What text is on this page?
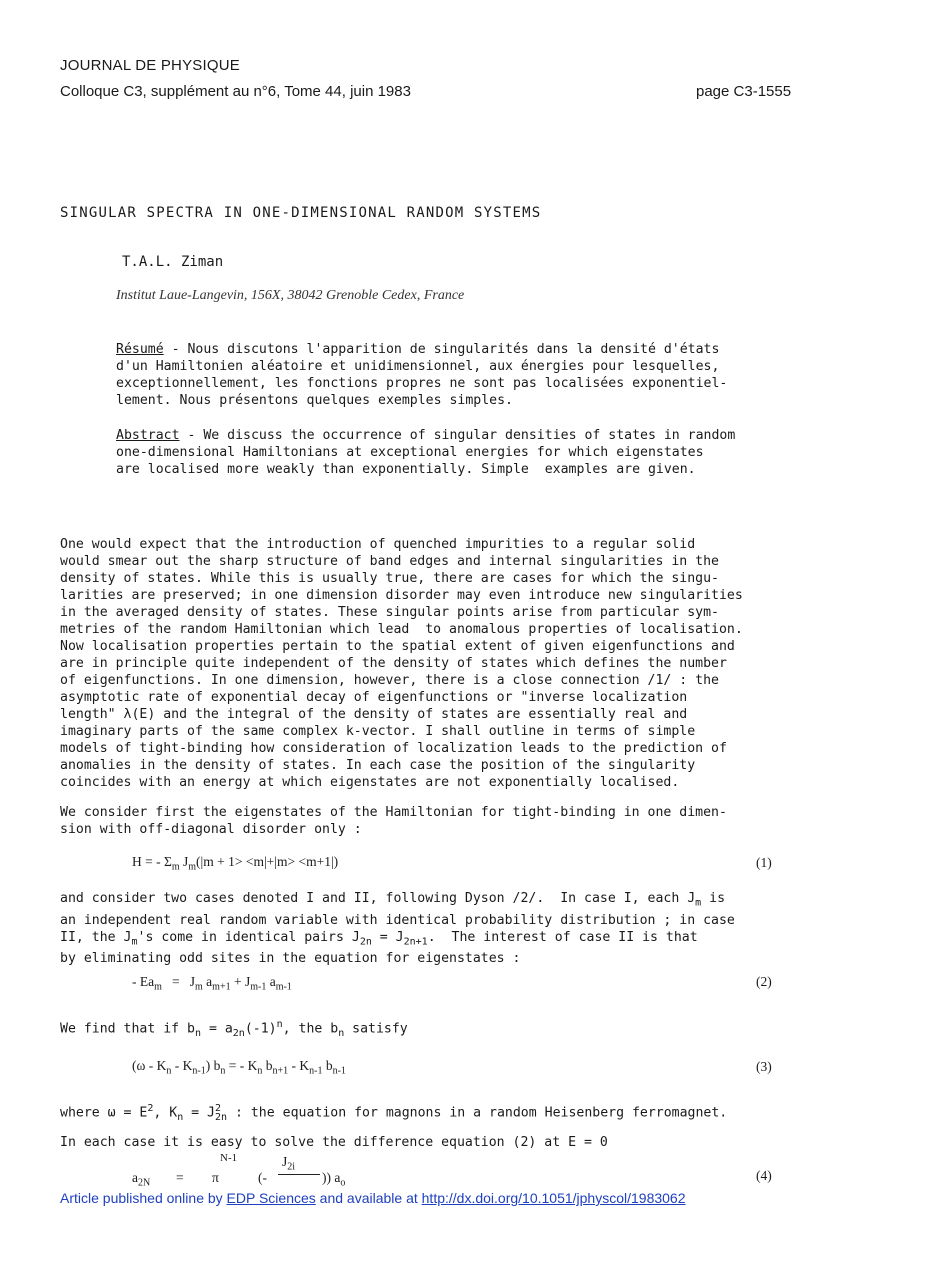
JOURNAL DE PHYSIQUE
Colloque C3, supplément au n°6, Tome 44, juin 1983	page C3-1555
SINGULAR SPECTRA IN ONE-DIMENSIONAL RANDOM SYSTEMS
T.A.L. Ziman
Institut Laue-Langevin, 156X, 38042 Grenoble Cedex, France
Résumé - Nous discutons l'apparition de singularités dans la densité d'états
d'un Hamiltonien aléatoire et unidimensionnel, aux énergies pour lesquelles,
exceptionnellement, les fonctions propres ne sont pas localisées exponentiel-
lement. Nous présentons quelques exemples simples.
Abstract - We discuss the occurrence of singular densities of states in random
one-dimensional Hamiltonians at exceptional energies for which eigenstates
are localised more weakly than exponentially. Simple  examples are given.
One would expect that the introduction of quenched impurities to a regular solid
would smear out the sharp structure of band edges and internal singularities in the
density of states. While this is usually true, there are cases for which the singu-
larities are preserved; in one dimension disorder may even introduce new singularities
in the averaged density of states. These singular points arise from particular sym-
metries of the random Hamiltonian which lead  to anomalous properties of localisation.
Now localisation properties pertain to the spatial extent of given eigenfunctions and
are in principle quite independent of the density of states which defines the number
of eigenfunctions. In one dimension, however, there is a close connection /1/ : the
asymptotic rate of exponential decay of eigenfunctions or "inverse localization
length" λ(E) and the integral of the density of states are essentially real and
imaginary parts of the same complex k-vector. I shall outline in terms of simple
models of tight-binding how consideration of localization leads to the prediction of
anomalies in the density of states. In each case the position of the singularity
coincides with an energy at which eigenstates are not exponentially localised.
We consider first the eigenstates of the Hamiltonian for tight-binding in one dimen-
sion with off-diagonal disorder only :
H = - $\Sigma_m$ $J_m(|m + 1> <m|+|m> <m+1|)$	(1)
and consider two cases denoted I and II, following Dyson /2/.  In case I, each $J_m$ is
an independent real random variable with identical probability distribution ; in case
II, the $J_m's$ come in identical pairs $J_{2n} = J_{2n+1}$.  The interest of case II is that
by eliminating odd sites in the equation for eigenstates :
- $Ea_m = J_m$ $a_{m+1} + J_{m-1}$ $a_{m-1}$	(2)
We find that if $b_n = a_{2n}(-1)^n$, the $b_n$ satisfy
$(\omega - K_n - K_{n-1})$ $b_n$ = - $K_n$ $b_{n+1} - K_{n-1}$ $b_{n-1}$	(3)
where $\omega = E^2$, $K_n = J2$
2n : the equation for magnons in a random Heisenberg ferromagnet.
In each case it is easy to solve the difference equation (2) at E = 0
N-1
$a_{2N} = \pi$	(-
$J_{2i}$
)) $a_o$
(4)
Article published online by EDP Sciences and available at http://dx.doi.org/10.1051/jphyscol/1983062
